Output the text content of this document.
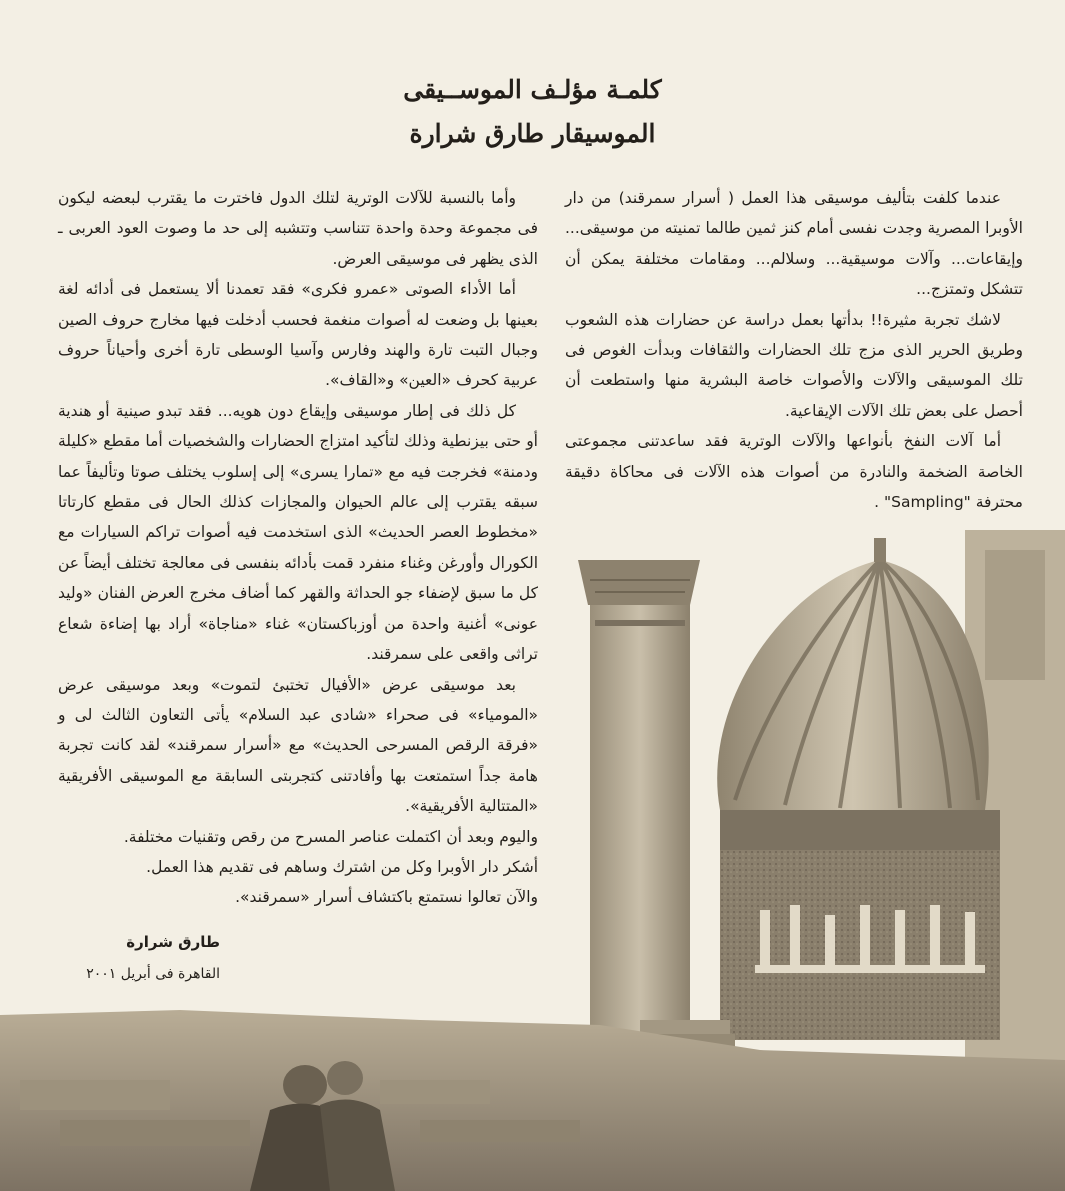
كلمـة مؤلـف الموســيقى
الموسيقار طارق شرارة

عندما كلفت بتأليف موسيقى هذا العمل ( أسرار سمرقند) من دار الأوبرا المصرية وجدت نفسى أمام كنز ثمين طالما تمنيته من موسيقى... وإيقاعات... وآلات موسيقية... وسلالم... ومقامات مختلفة يمكن أن تتشكل وتمتزج...

لاشك تجربة مثيرة!! بدأتها بعمل دراسة عن حضارات هذه الشعوب وطريق الحرير الذى مزج تلك الحضارات والثقافات وبدأت الغوص فى تلك الموسيقى والآلات والأصوات خاصة البشرية منها واستطعت أن أحصل على بعض تلك الآلات الإيقاعية.

أما آلات النفخ بأنواعها والآلات الوترية فقد ساعدتنى مجموعتى الخاصة الضخمة والنادرة من أصوات هذه الآلات فى محاكاة دقيقة محترفة "Sampling" .

وأما بالنسبة للآلات الوترية لتلك الدول فاخترت ما يقترب لبعضه ليكون فى مجموعة وحدة واحدة تتناسب وتتشبه إلى حد ما وصوت العود العربى ـ الذى يظهر فى موسيقى العرض.

أما الأداء الصوتى «عمرو فكرى» فقد تعمدنا ألا يستعمل فى أدائه لغة بعينها بل وضعت له أصوات منغمة فحسب أدخلت فيها مخارج حروف الصين وجبال التبت تارة والهند وفارس وآسيا الوسطى تارة أخرى وأحياناً حروف عربية كحرف «العين» و«القاف».

كل ذلك فى إطار موسيقى وإيقاع دون هويه... فقد تبدو صينية أو هندية أو حتى بيزنطية وذلك لتأكيد امتزاج الحضارات والشخصيات أما مقطع «كليلة ودمنة» فخرجت فيه مع «تمارا يسرى» إلى إسلوب يختلف صوتا وتأليفاً عما سبقه يقترب إلى عالم الحيوان والمجازات كذلك الحال فى مقطع كارتاتا «مخطوط العصر الحديث» الذى استخدمت فيه أصوات تراكم السيارات مع الكورال وأورغن وغناء منفرد قمت بأدائه بنفسى فى معالجة تختلف أيضاً عن كل ما سبق لإضفاء جو الحداثة والقهر كما أضاف مخرج العرض الفنان «وليد عونى» أغنية واحدة من أوزباكستان» غناء «مناجاة» أراد بها إضاءة شعاع تراثى واقعى على سمرقند.

بعد موسيقى عرض «الأفيال تختبئ لتموت» وبعد موسيقى عرض «المومياء» فى صحراء «شادى عبد السلام» يأتى التعاون الثالث لى و «فرقة الرقص المسرحى الحديث» مع «أسرار سمرقند» لقد كانت تجربة هامة جداً استمتعت بها وأفادتنى كتجربتى السابقة مع الموسيقى الأفريقية «المتتالية الأفريقية».

واليوم وبعد أن اكتملت عناصر المسرح من رقص وتقنيات مختلفة.

أشكر دار الأوبرا وكل من اشترك وساهم فى تقديم هذا العمل.

والآن تعالوا نستمتع باكتشاف أسرار «سمرقند».

طارق شرارة
القاهرة فى أبريل ٢٠٠١
